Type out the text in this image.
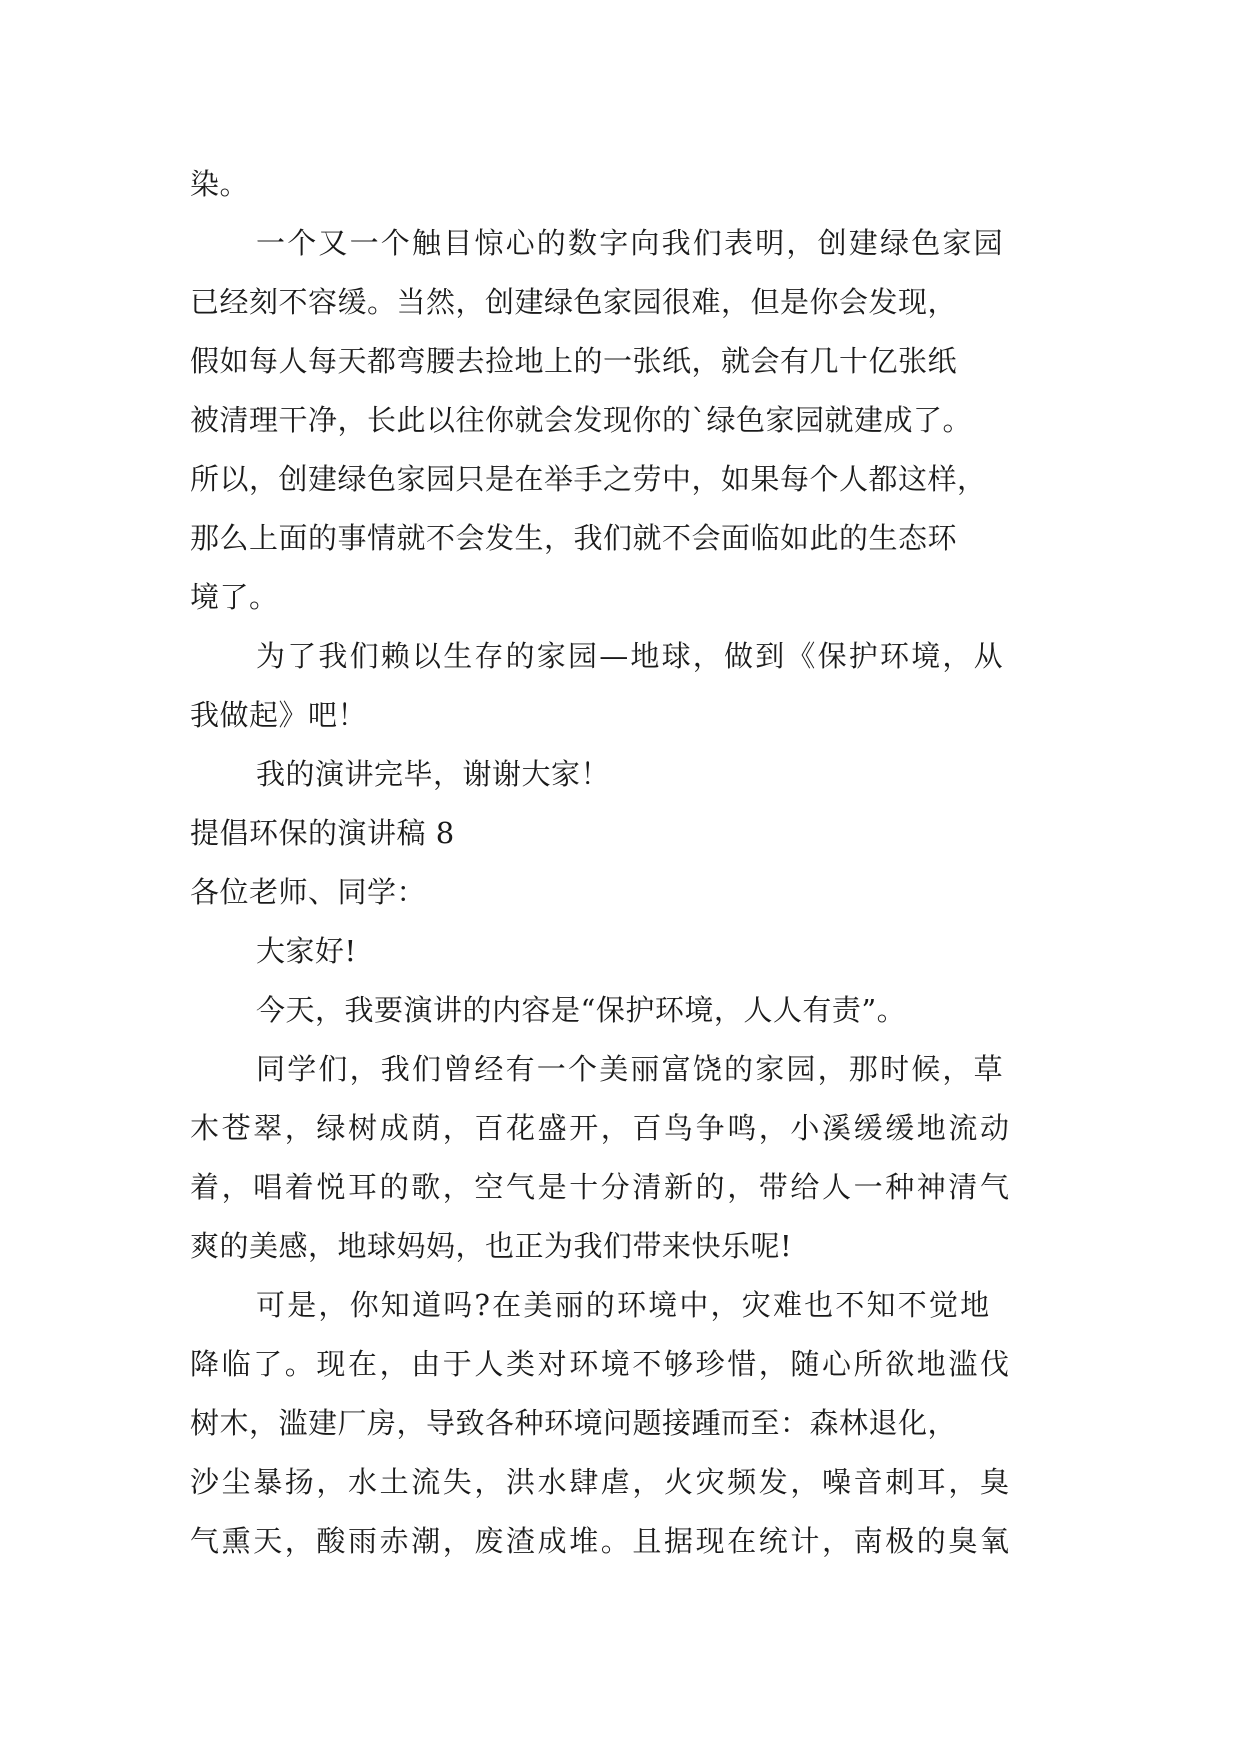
染。
一个又一个触目惊心的数字向我们表明，创建绿色家园
已经刻不容缓。当然，创建绿色家园很难，但是你会发现，
假如每人每天都弯腰去捡地上的一张纸，就会有几十亿张纸
被清理干净，长此以往你就会发现你的`绿色家园就建成了。
所以，创建绿色家园只是在举手之劳中，如果每个人都这样，
那么上面的事情就不会发生，我们就不会面临如此的生态环
境了。
为了我们赖以生存的家园—地球，做到《保护环境，从
我做起》吧！
我的演讲完毕，谢谢大家！
提倡环保的演讲稿 8
各位老师、同学：
大家好!
今天，我要演讲的内容是“保护环境，人人有责”。
同学们，我们曾经有一个美丽富饶的家园，那时候，草
木苍翠，绿树成荫，百花盛开，百鸟争鸣，小溪缓缓地流动
着，唱着悦耳的歌，空气是十分清新的，带给人一种神清气
爽的美感，地球妈妈，也正为我们带来快乐呢!
可是，你知道吗?在美丽的环境中，灾难也不知不觉地
降临了。现在，由于人类对环境不够珍惜，随心所欲地滥伐
树木，滥建厂房，导致各种环境问题接踵而至：森林退化，
沙尘暴扬，水土流失，洪水肆虐，火灾频发，噪音刺耳，臭
气熏天，酸雨赤潮，废渣成堆。且据现在统计，南极的臭氧
